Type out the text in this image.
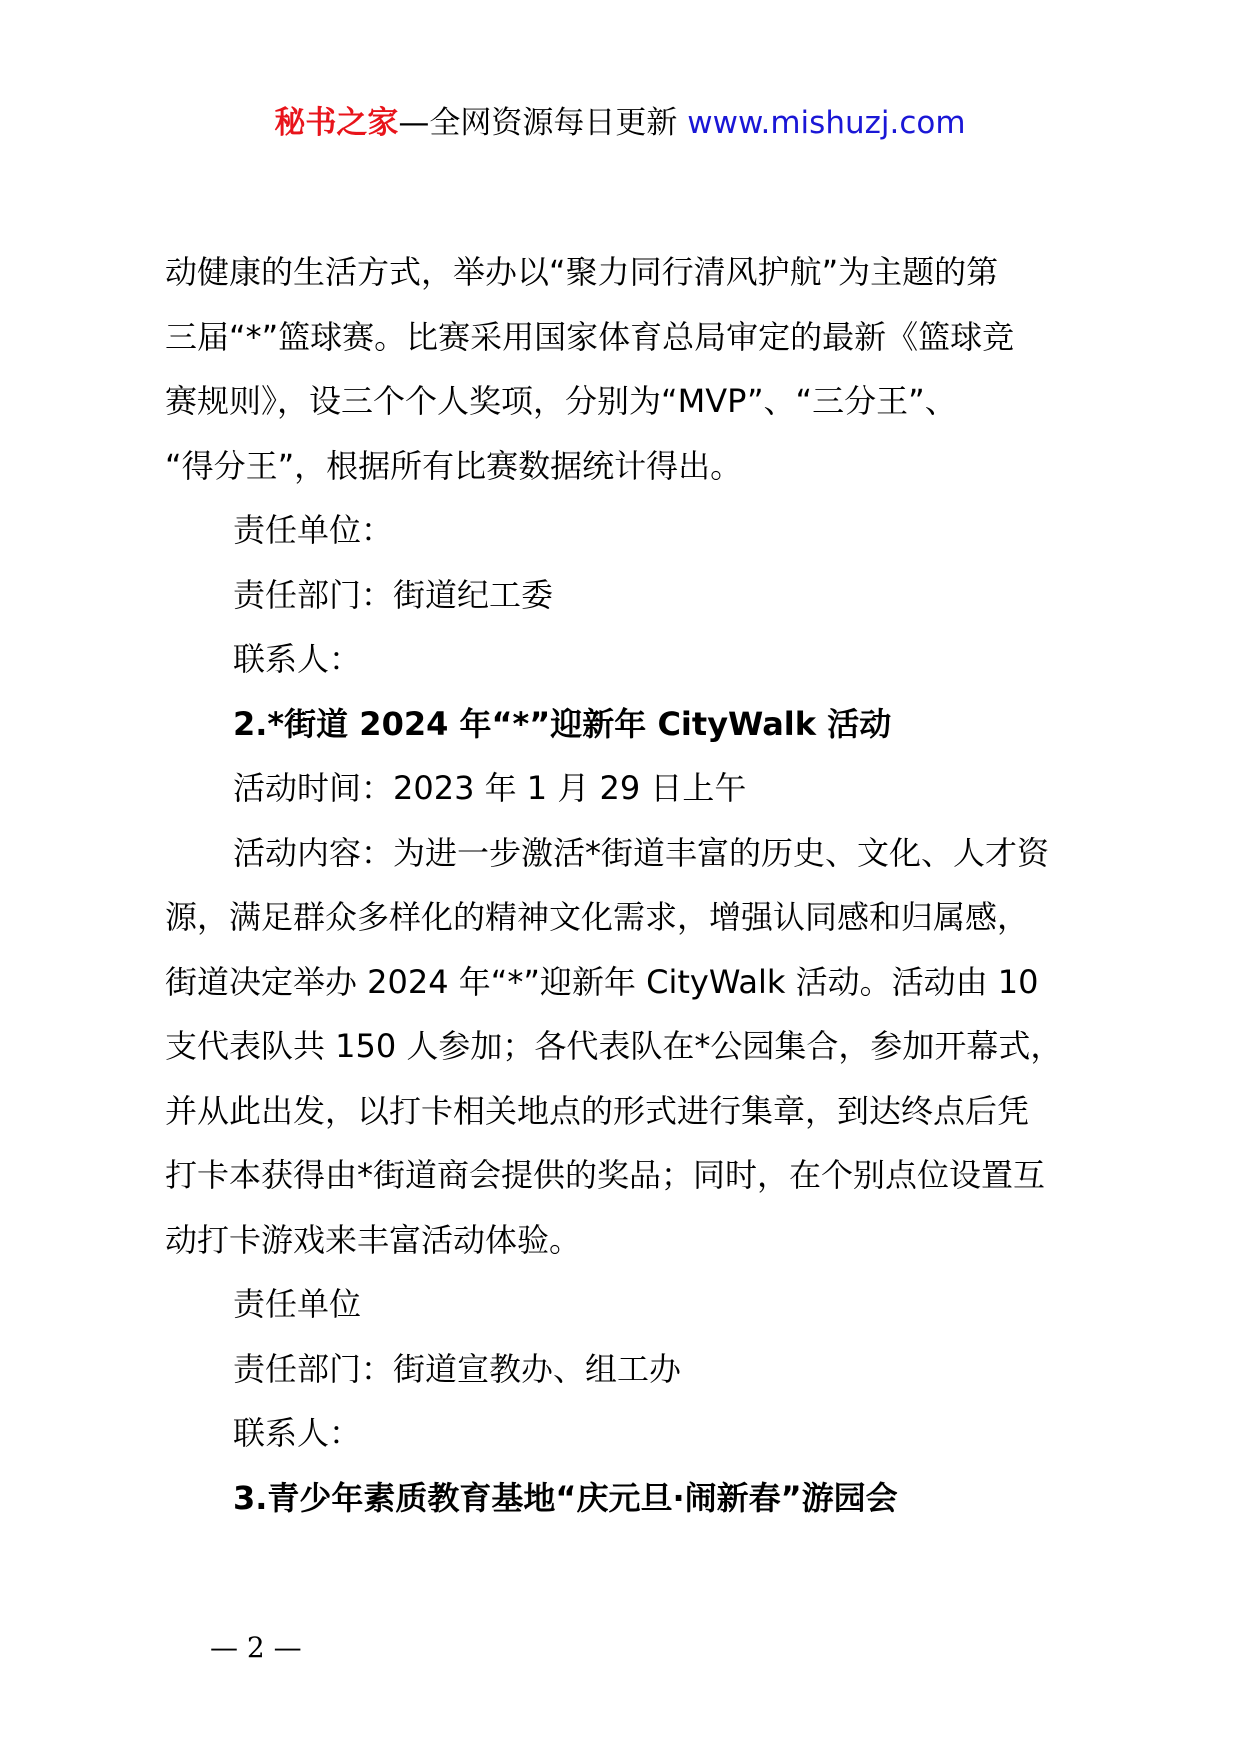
秘书之家—全网资源每日更新 www.mishuzj.com
动健康的生活方式，举办以“聚力同行清风护航”为主题的第
三届“*”篮球赛。比赛采用国家体育总局审定的最新《篮球竞
赛规则》，设三个个人奖项，分别为“MVP”、“三分王”、
“得分王”，根据所有比赛数据统计得出。
责任单位：
责任部门：街道纪工委
联系人：
2.*街道 2024 年“*”迎新年 CityWalk 活动
活动时间：2023 年 1 月 29 日上午
活动内容：为进一步激活*街道丰富的历史、文化、人才资
源，满足群众多样化的精神文化需求，增强认同感和归属感，
街道决定举办 2024 年“*”迎新年 CityWalk 活动。活动由 10
支代表队共 150 人参加；各代表队在*公园集合，参加开幕式，
并从此出发，以打卡相关地点的形式进行集章，到达终点后凭
打卡本获得由*街道商会提供的奖品；同时，在个别点位设置互
动打卡游戏来丰富活动体验。
责任单位
责任部门：街道宣教办、组工办
联系人：
3.青少年素质教育基地“庆元旦·闹新春”游园会
— 2 —
